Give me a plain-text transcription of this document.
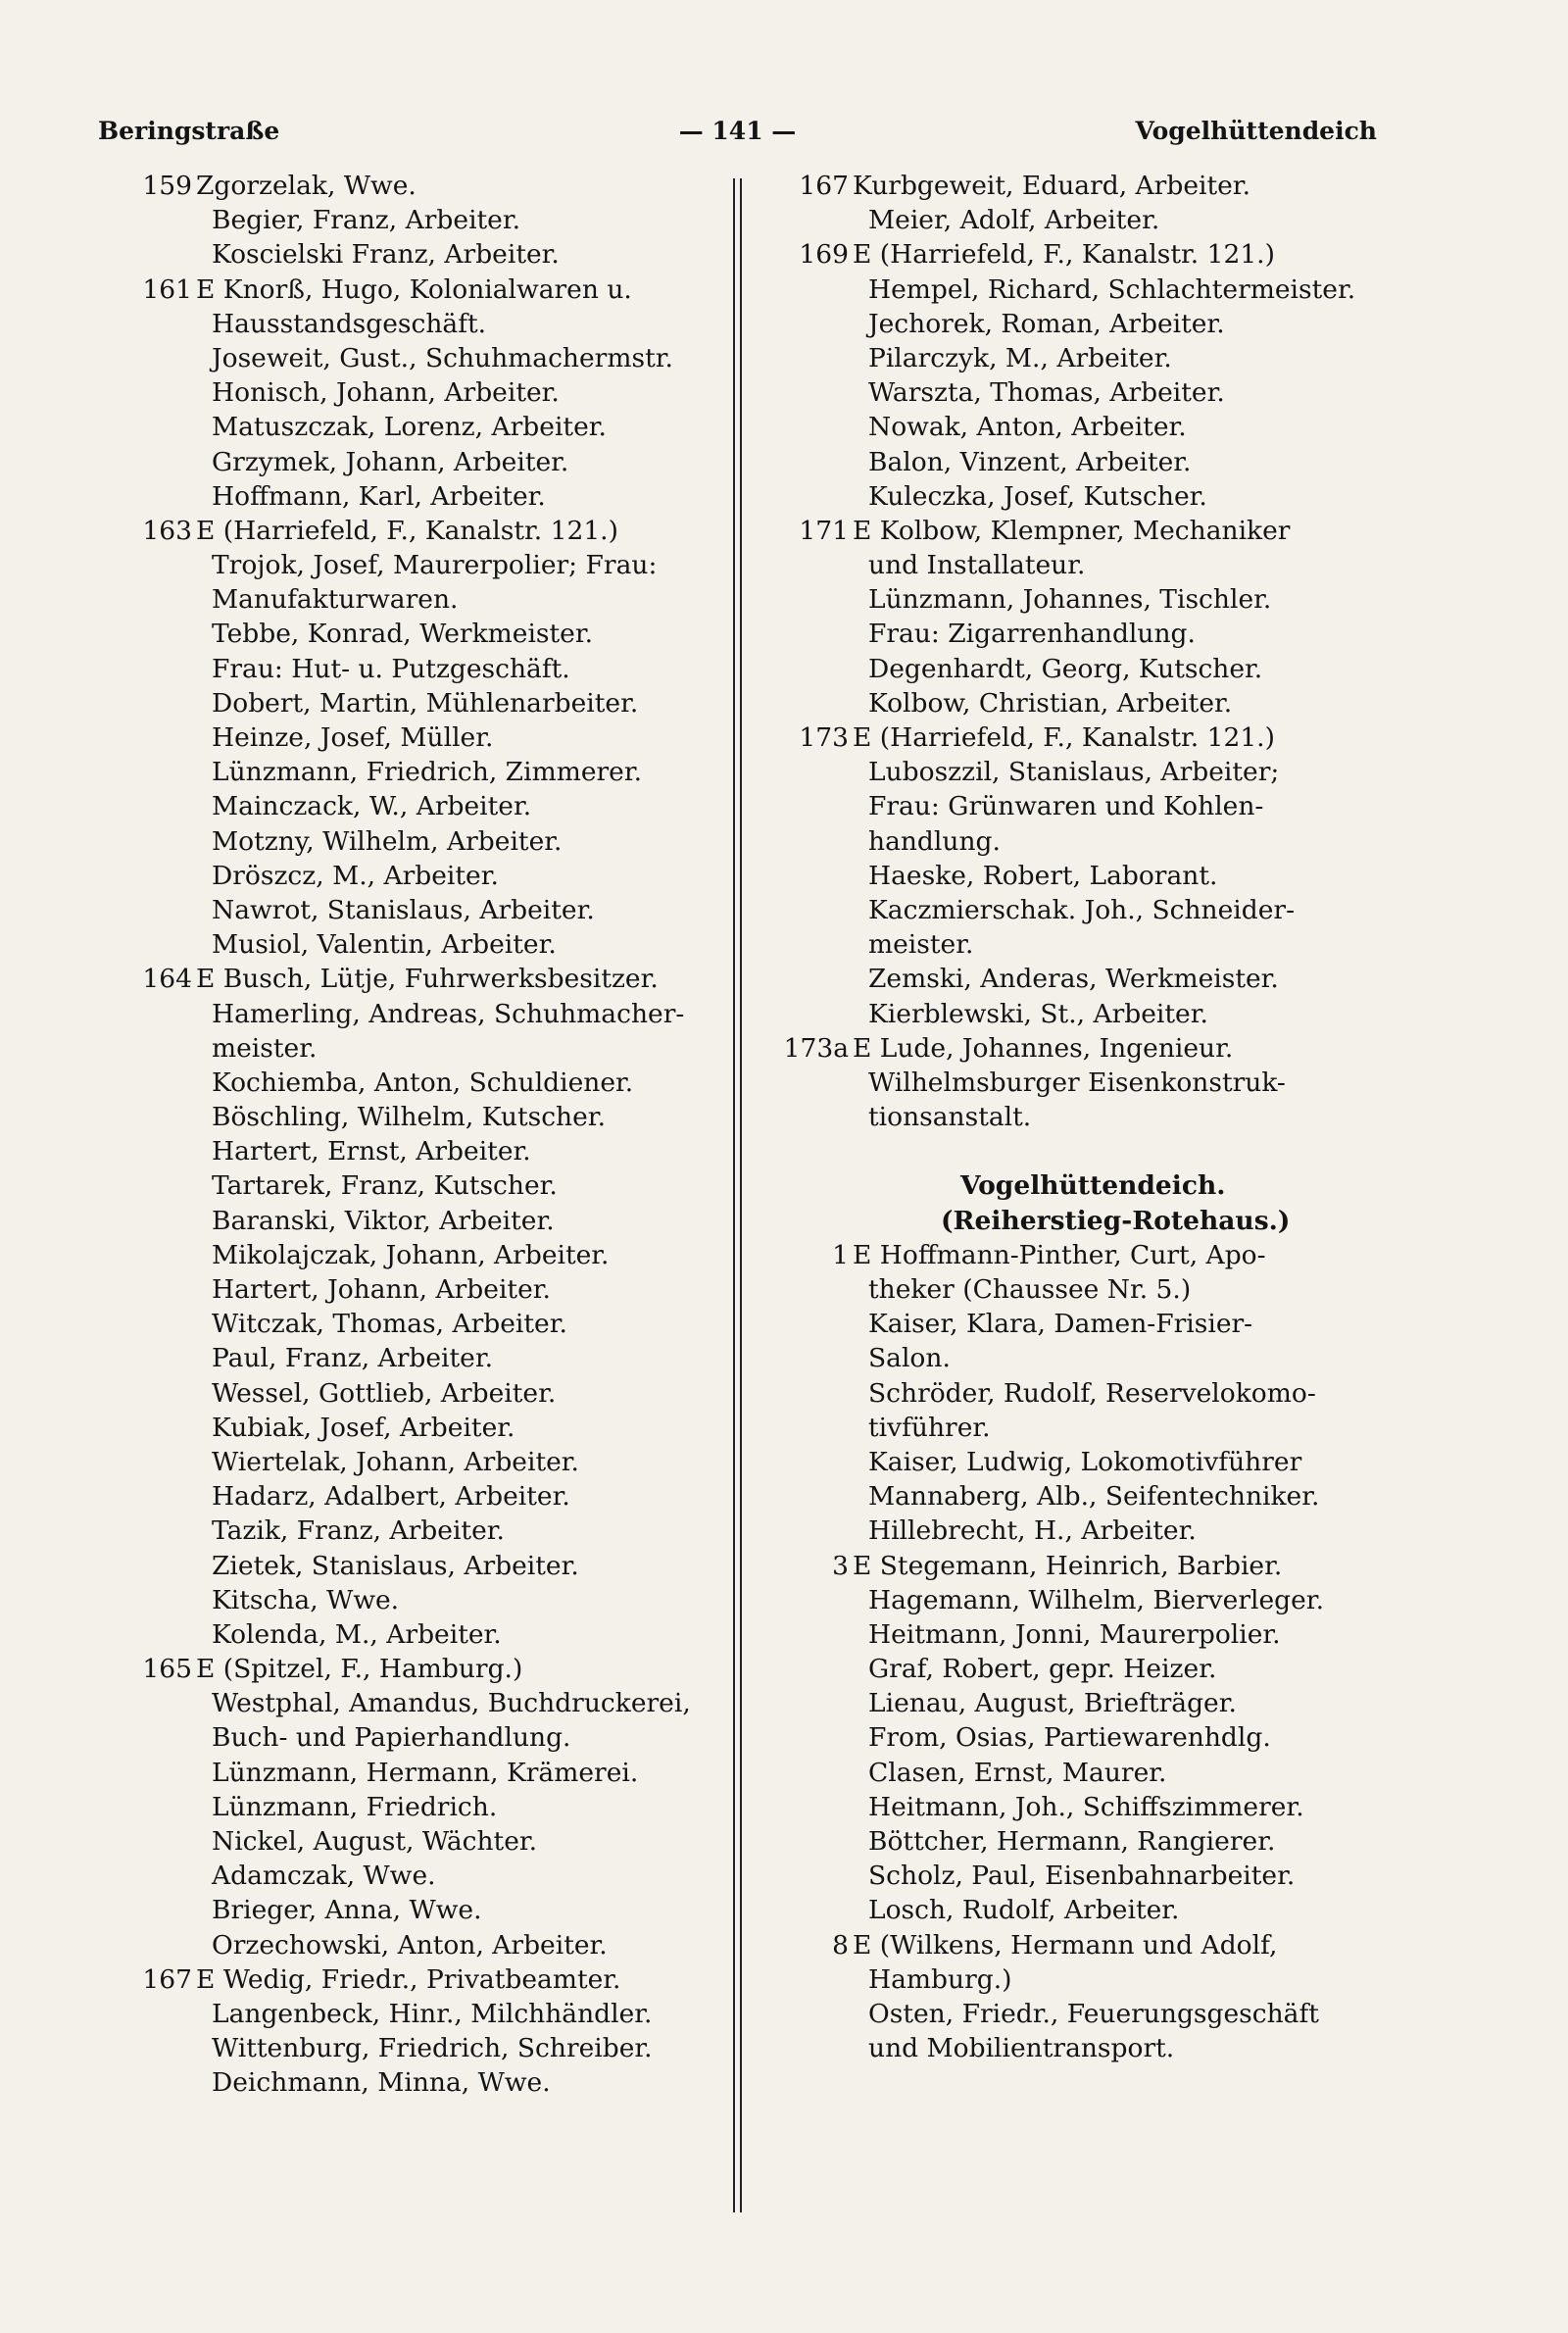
Beringstraße	— 141 —	Vogelhüttendeich
159 Zgorzelak, Wwe.
Begier, Franz, Arbeiter.
Koscielski Franz, Arbeiter.
161 E Knorß, Hugo, Kolonialwaren u.
Hausstandsgeschäft.
Joseweit, Gust., Schuhmachermstr.
Honisch, Johann, Arbeiter.
Matuszczak, Lorenz, Arbeiter.
Grzymek, Johann, Arbeiter.
Hoffmann, Karl, Arbeiter.
163 E (Harriefeld, F., Kanalstr. 121.)
Trojok, Josef, Maurerpolier; Frau:
Manufakturwaren.
Tebbe, Konrad, Werkmeister.
Frau: Hut- u. Putzgeschäft.
Dobert, Martin, Mühlenarbeiter.
Heinze, Josef, Müller.
Lünzmann, Friedrich, Zimmerer.
Mainczack, W., Arbeiter.
Motzny, Wilhelm, Arbeiter.
Dröszcz, M., Arbeiter.
Nawrot, Stanislaus, Arbeiter.
Musiol, Valentin, Arbeiter.
164 E Busch, Lütje, Fuhrwerksbesitzer.
Hamerling, Andreas, Schuhmacher-
meister.
Kochiemba, Anton, Schuldiener.
Böschling, Wilhelm, Kutscher.
Hartert, Ernst, Arbeiter.
Tartarek, Franz, Kutscher.
Baranski, Viktor, Arbeiter.
Mikolajczak, Johann, Arbeiter.
Hartert, Johann, Arbeiter.
Witczak, Thomas, Arbeiter.
Paul, Franz, Arbeiter.
Wessel, Gottlieb, Arbeiter.
Kubiak, Josef, Arbeiter.
Wiertelak, Johann, Arbeiter.
Hadarz, Adalbert, Arbeiter.
Tazik, Franz, Arbeiter.
Zietek, Stanislaus, Arbeiter.
Kitscha, Wwe.
Kolenda, M., Arbeiter.
165 E (Spitzel, F., Hamburg.)
Westphal, Amandus, Buchdruckerei,
Buch- und Papierhandlung.
Lünzmann, Hermann, Krämerei.
Lünzmann, Friedrich.
Nickel, August, Wächter.
Adamczak, Wwe.
Brieger, Anna, Wwe.
Orzechowski, Anton, Arbeiter.
167 E Wedig, Friedr., Privatbeamter.
Langenbeck, Hinr., Milchhändler.
Wittenburg, Friedrich, Schreiber.
Deichmann, Minna, Wwe.
167 Kurbgeweit, Eduard, Arbeiter.
Meier, Adolf, Arbeiter.
169 E (Harriefeld, F., Kanalstr. 121.)
Hempel, Richard, Schlachtermeister.
Jechorek, Roman, Arbeiter.
Pilarczyk, M., Arbeiter.
Warszta, Thomas, Arbeiter.
Nowak, Anton, Arbeiter.
Balon, Vinzent, Arbeiter.
Kuleczka, Josef, Kutscher.
171 E Kolbow, Klempner, Mechaniker
und Installateur.
Lünzmann, Johannes, Tischler.
Frau: Zigarrenhandlung.
Degenhardt, Georg, Kutscher.
Kolbow, Christian, Arbeiter.
173 E (Harriefeld, F., Kanalstr. 121.)
Luboszzil, Stanislaus, Arbeiter;
Frau: Grünwaren und Kohlen-
handlung.
Haeske, Robert, Laborant.
Kaczmierschak. Joh., Schneider-
meister.
Zemski, Anderas, Werkmeister.
Kierblewski, St., Arbeiter.
173a E Lude, Johannes, Ingenieur.
Wilhelmsburger Eisenkonstruk-
tionsanstalt.
Vogelhüttendeich.
(Reiherstieg-Rotehaus.)
1 E Hoffmann-Pinther, Curt, Apo-
theker (Chaussee Nr. 5.)
Kaiser, Klara, Damen-Frisier-
Salon.
Schröder, Rudolf, Reservelokomo-
tivführer.
Kaiser, Ludwig, Lokomotivführer
Mannaberg, Alb., Seifentechniker.
Hillebrecht, H., Arbeiter.
3 E Stegemann, Heinrich, Barbier.
Hagemann, Wilhelm, Bierverleger.
Heitmann, Jonni, Maurerpolier.
Graf, Robert, gepr. Heizer.
Lienau, August, Briefträger.
From, Osias, Partiewarenhdlg.
Clasen, Ernst, Maurer.
Heitmann, Joh., Schiffszimmerer.
Böttcher, Hermann, Rangierer.
Scholz, Paul, Eisenbahnarbeiter.
Losch, Rudolf, Arbeiter.
8 E (Wilkens, Hermann und Adolf,
Hamburg.)
Osten, Friedr., Feuerungsgeschäft
und Mobilientransport.
